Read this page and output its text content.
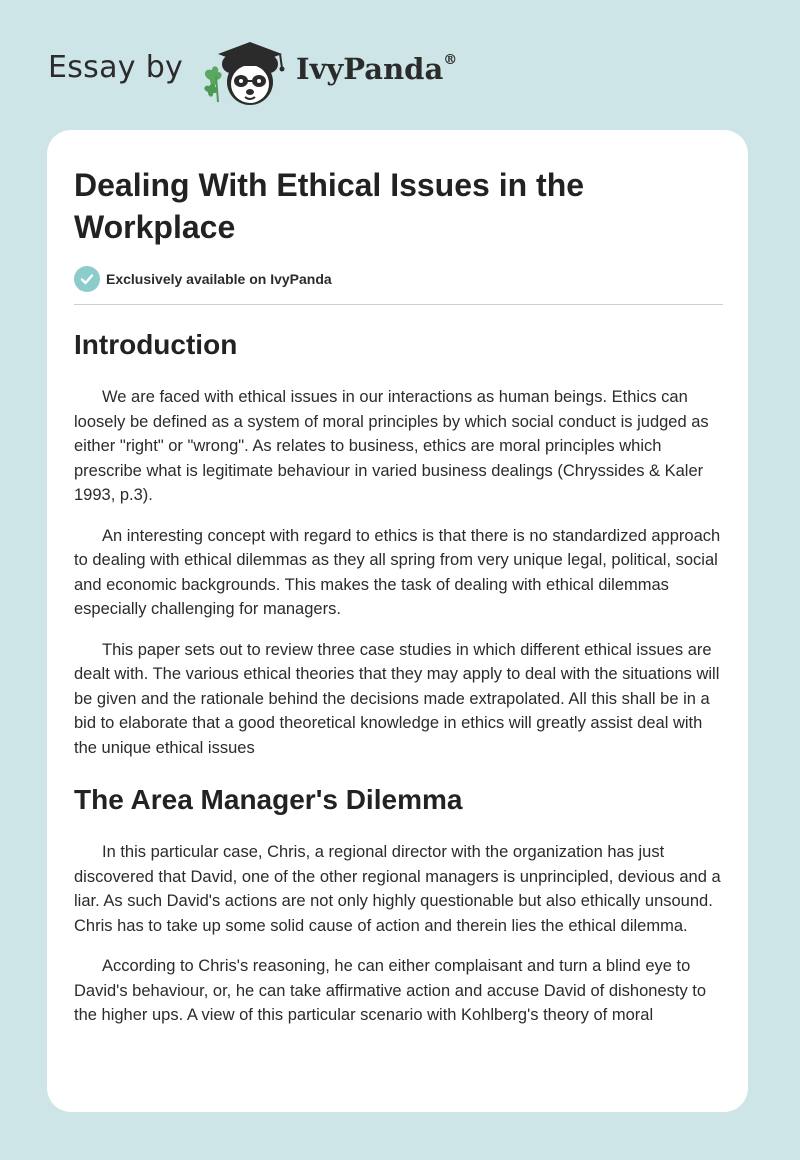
Essay by	IvyPanda®
Dealing With Ethical Issues in the Workplace
Exclusively available on IvyPanda
Introduction

We are faced with ethical issues in our interactions as human beings. Ethics can loosely be defined as a system of moral principles by which social conduct is judged as either "right" or "wrong". As relates to business, ethics are moral principles which prescribe what is legitimate behaviour in varied business dealings (Chryssides & Kaler 1993, p.3).

An interesting concept with regard to ethics is that there is no standardized approach to dealing with ethical dilemmas as they all spring from very unique legal, political, social and economic backgrounds. This makes the task of dealing with ethical dilemmas especially challenging for managers.

This paper sets out to review three case studies in which different ethical issues are dealt with. The various ethical theories that they may apply to deal with the situations will be given and the rationale behind the decisions made extrapolated. All this shall be in a bid to elaborate that a good theoretical knowledge in ethics will greatly assist deal with the unique ethical issues

The Area Manager's Dilemma

In this particular case, Chris, a regional director with the organization has just discovered that David, one of the other regional managers is unprincipled, devious and a liar. As such David's actions are not only highly questionable but also ethically unsound. Chris has to take up some solid cause of action and therein lies the ethical dilemma.

According to Chris's reasoning, he can either complaisant and turn a blind eye to David's behaviour, or, he can take affirmative action and accuse David of dishonesty to the higher ups. A view of this particular scenario with Kohlberg's theory of moral
